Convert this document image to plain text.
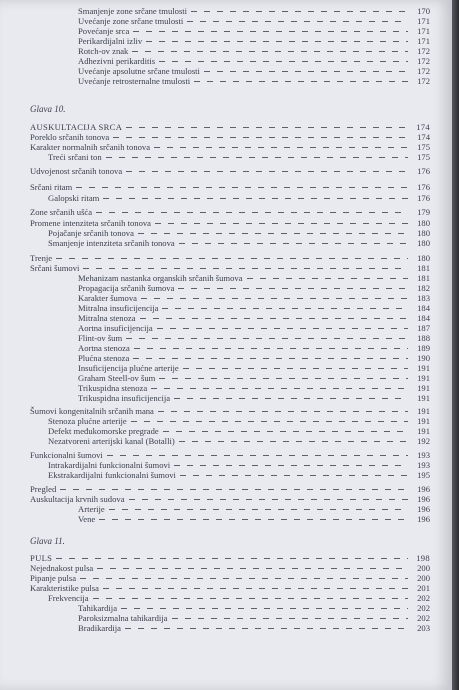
Glava 10.
Glava 11.
Smanjenje zone srčane tmulosti	170
Uvećanje zone srčane tmulosti	171
Povećanje srca	171
Perikardijalni izliv	171
Rotch-ov znak	172
Adhezivni perikarditis	172
Uvećanje apsolutne srčane tmulosti	172
Uvećanje retrosternalne tmulosti	172
AUSKULTACIJA SRCA	174
Poreklo srčanih tonova	174
Karakter normalnih srčanih tonova	175
Treći srčani ton	175
Udvojenost srčanih tonova	176
Srčani ritam	176
Galopski ritam	176
Zone srčanih ušća	179
Promene intenziteta srčanih tonova	180
Pojačanje srčanih tonova	180
Smanjenje intenziteta srčanih tonova	180
Trenje	180
Srčani šumovi	181
Mehanizam nastanka organskih srčanih šumova	181
Propagacija srčanih šumova	182
Karakter šumova	183
Mitralna insuficijencija	184
Mitralna stenoza	184
Aortna insuficijencija	187
Flint-ov šum	188
Aortna stenoza	189
Plućna stenoza	190
Insuficijencija plućne arterije	191
Graham Steell-ov šum	191
Trikuspidna stenoza	191
Trikuspidna insuficijencija	191
Šumovi kongenitalnih srčanih mana	191
Stenoza plućne arterije	191
Defekt međukomorske pregrade	191
Nezatvoreni arterijski kanal (Botalli)	192
Funkcionalni šumovi	193
Intrakardijalni funkcionalni šumovi	193
Ekstrakardijalni funkcionalni šumovi	195
Pregled	196
Auskultacija krvnih sudova	196
Arterije	196
Vene	196
PULS	198
Nejednakost pulsa	200
Pipanje pulsa	200
Karakteristike pulsa	201
Frekvencija	202
Tahikardija	202
Paroksizmalna tahikardija	202
Bradikardija	203
